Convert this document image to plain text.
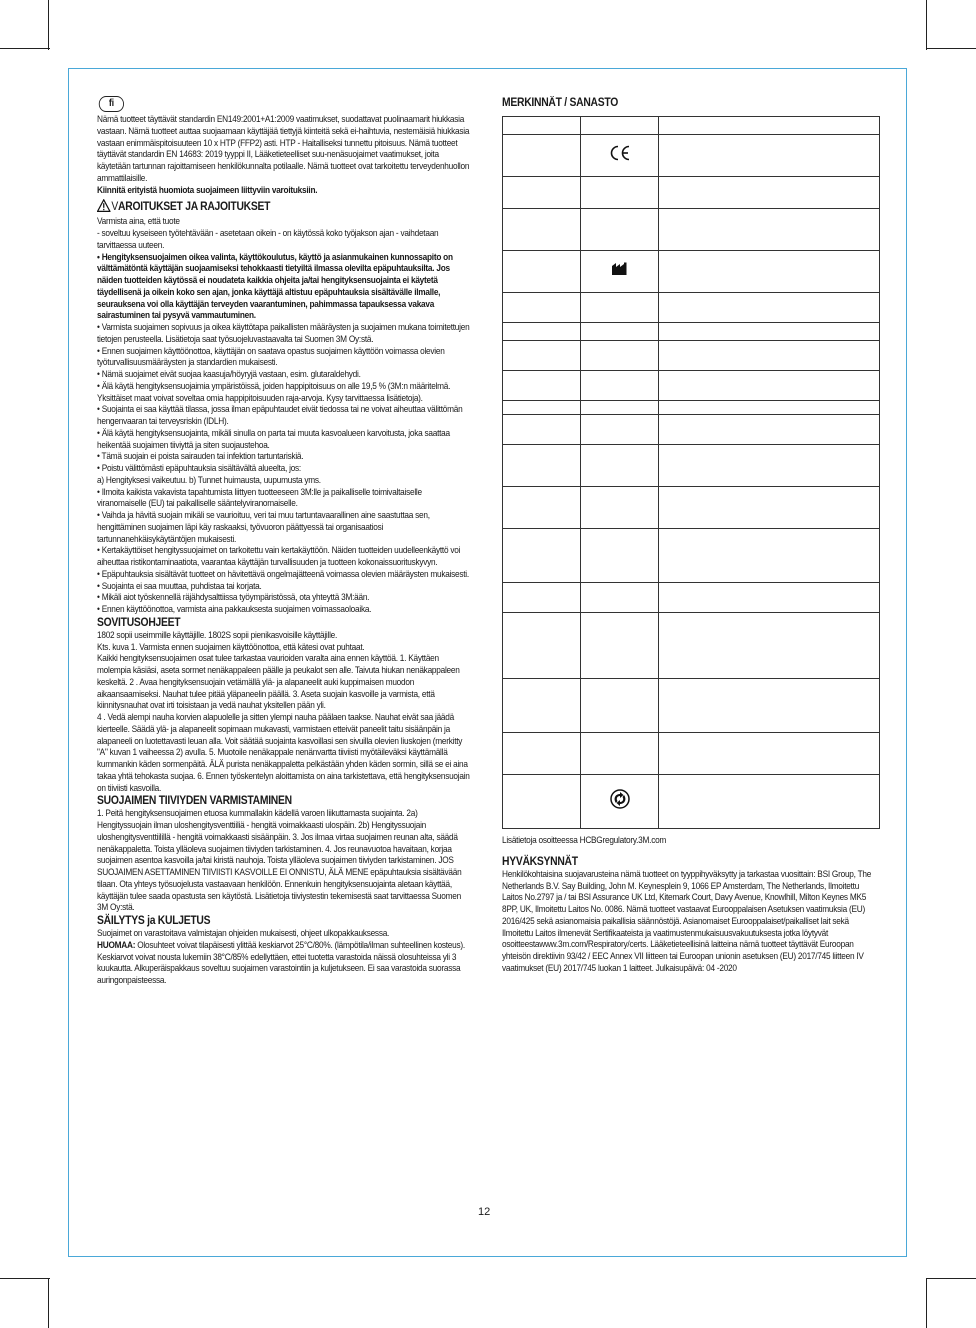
fi

Nämä tuotteet täyttävät standardin EN149:2001+A1:2009 vaatimukset, suodattavat puolinaamarit hiukkasia vastaan. Nämä tuotteet auttaa suojaamaan käyttäjää tiettyjä kiinteitä sekä ei-haihtuvia, nestemäisiä hiukkasia vastaan enimmäispitoisuuteen 10 x HTP (FFP2) asti. HTP - Haitalliseksi tunnettu pitoisuus. Nämä tuotteet täyttävät standardin EN 14683: 2019 tyyppi II, Lääketieteelliset suu-nenäsuojaimet vaatimukset, joita käytetään tartunnan rajoittamiseen henkilökunnalta potilaalle. Nämä tuotteet ovat tarkoitettu terveydenhuollon ammattilaisille.

Kiinnitä erityistä huomiota suojaimeen liittyviin varoituksiin.

VAROITUKSET JA RAJOITUKSET

Varmista aina, että tuote

- soveltuu kyseiseen työtehtävään - asetetaan oikein - on käytössä koko työjakson ajan - vaihdetaan tarvittaessa uuteen.

• Hengityksensuojaimen oikea valinta, käyttökoulutus, käyttö ja asianmukainen kunnossapito on välttämätöntä käyttäjän suojaamiseksi tehokkaasti tietyiltä ilmassa olevilta epäpuhtauksilta. Jos näiden tuotteiden käytössä ei noudateta kaikkia ohjeita ja/tai hengityksensuojainta ei käytetä täydellisenä ja oikein koko sen ajan, jonka käyttäjä altistuu epäpuhtauksia sisältävälle ilmalle, seurauksena voi olla käyttäjän terveyden vaarantuminen, pahimmassa tapauksessa vakava sairastuminen tai pysyvä vammautuminen.

• Varmista suojaimen sopivuus ja oikea käyttötapa paikallisten määräysten ja suojaimen mukana toimitettujen tietojen perusteella. Lisätietoja saat työsuojeluvastaavalta tai Suomen 3M Oy:stä.

• Ennen suojaimen käyttöönottoa, käyttäjän on saatava opastus suojaimen käyttöön voimassa olevien työturvallisuusmääräysten ja standardien mukaisesti.

• Nämä suojaimet eivät suojaa kaasuja/höyryjä vastaan, esim. glutaraldehydi.

• Älä käytä hengityksensuojaimia ympäristöissä, joiden happipitoisuus on alle 19,5 % (3M:n määritelmä. Yksittäiset maat voivat soveltaa omia happipitoisuuden raja-arvoja. Kysy tarvittaessa lisätietoja).

• Suojainta ei saa käyttää tilassa, jossa ilman epäpuhtaudet eivät tiedossa tai ne voivat aiheuttaa välittömän hengenvaaran tai terveysriskin (IDLH).

• Älä käytä hengityksensuojainta, mikäli sinulla on parta tai muuta kasvoalueen karvoitusta, joka saattaa heikentää suojaimen tiiviyttä ja siten suojaustehoa.

• Tämä suojain ei poista sairauden tai infektion tartuntariskiä.

• Poistu välittömästi epäpuhtauksia sisältävältä alueelta, jos:

a) Hengityksesi vaikeutuu. b) Tunnet huimausta, uupumusta yms.

• Ilmoita kaikista vakavista tapahtumista liittyen tuotteeseen 3M:lle ja paikalliselle toimivaltaiselle viranomaiselle (EU) tai paikalliselle sääntelyviranomaiselle.

• Vaihda ja hävitä suojain mikäli se vaurioituu, veri tai muu tartuntavaarallinen aine saastuttaa sen, hengittäminen suojaimen läpi käy raskaaksi, työvuoron päättyessä tai organisaatiosi tartunnanehkäisykäytäntöjen mukaisesti.

• Kertakäyttöiset hengityssuojaimet on tarkoitettu vain kertakäyttöön. Näiden tuotteiden uudelleenkäyttö voi aiheuttaa ristikontaminaatiota, vaarantaa käyttäjän turvallisuuden ja tuotteen kokonaissuorituskyvyn.

• Epäpuhtauksia sisältävät tuotteet on hävitettävä ongelmajätteenä voimassa olevien määräysten mukaisesti.

• Suojainta ei saa muuttaa, puhdistaa tai korjata.

• Mikäli aiot työskennellä räjähdysalttiissa työympäristössä, ota yhteyttä 3M:ään.

• Ennen käyttöönottoa, varmista aina pakkauksesta suojaimen voimassaoloaika.

SOVITUSOHJEET

1802 sopii useimmille käyttäjille. 1802S sopii pienikasvoisille käyttäjille.

Kts. kuva 1. Varmista ennen suojaimen käyttöönottoa, että kätesi ovat puhtaat.

Kaikki hengityksensuojaimen osat tulee tarkastaa vaurioiden varalta aina ennen käyttöä. 1. Käyttäen molempia käsiäsi, aseta sormet nenäkappaleen päälle ja peukalot sen alle. Taivuta hiukan nenäkappaleen keskeltä. 2 . Avaa hengityksensuojain vetämällä ylä- ja alapaneelit auki kuppimaisen muodon aikaansaamiseksi. Nauhat tulee pitää yläpaneelin päällä. 3. Aseta suojain kasvoille ja varmista, että kiinnitysnauhat ovat irti toisistaan ja vedä nauhat yksitellen pään yli.

4 . Vedä alempi nauha korvien alapuolelle ja sitten ylempi nauha päälaen taakse. Nauhat eivät saa jäädä kierteelle. Säädä ylä- ja alapaneelit sopimaan mukavasti, varmistaen etteivät paneelit taitu sisäänpäin ja alapaneeli on luotettavasti leuan alla. Voit säätää suojainta kasvoillasi sen sivuilla olevien liuskojen (merkitty "A" kuvan 1 vaiheessa 2) avulla. 5. Muotoile nenäkappale nenänvartta tiiviisti myötäileväksi käyttämällä kummankin käden sormenpäitä. ÄLÄ purista nenäkappaletta pelkästään yhden käden sormin, sillä se ei aina takaa yhtä tehokasta suojaa. 6. Ennen työskentelyn aloittamista on aina tarkistettava, että hengityksensuojain on tiiviisti kasvoilla.

SUOJAIMEN TIIVIYDEN VARMISTAMINEN

1. Peitä hengityksensuojaimen etuosa kummallakin kädellä varoen liikuttamasta suojainta. 2a) Hengityssuojain ilman uloshengitysventtiiliä - hengitä voimakkaasti ulospäin. 2b) Hengityssuojain uloshengitysventtiilillä - hengitä voimakkaasti sisäänpäin. 3. Jos ilmaa virtaa suojaimen reunan alta, säädä nenäkappaletta. Toista ylläoleva suojaimen tiiviyden tarkistaminen. 4. Jos reunavuotoa havaitaan, korjaa suojaimen asentoa kasvoilla ja/tai kiristä nauhoja. Toista ylläoleva suojaimen tiiviyden tarkistaminen. JOS SUOJAIMEN ASETTAMINEN TIIVIISTI KASVOILLE EI ONNISTU, ÄLÄ MENE epäpuhtauksia sisältävään tilaan. Ota yhteys työsuojelusta vastaavaan henkilöön. Ennenkuin hengityksensuojainta aletaan käyttää, käyttäjän tulee saada opastusta sen käytöstä. Lisätietoja tiiviystestin tekemisestä saat tarvittaessa Suomen 3M Oy:stä.

SÄILYTYS ja KULJETUS

Suojaimet on varastoitava valmistajan ohjeiden mukaisesti, ohjeet ulkopakkauksessa.

HUOMAA: Olosuhteet voivat tilapäisesti ylittää keskiarvot 25°C/80%. (lämpötila/ilman suhteellinen kosteus). Keskiarvot voivat nousta lukemiin 38°C/85% edellyttäen, ettei tuotetta varastoida näissä olosuhteissa yli 3 kuukautta. Alkuperäispakkaus soveltuu suojaimen varastointiin ja kuljetukseen. Ei saa varastoida suorassa auringonpaisteessa.

MERKINNÄT / SANASTO

Lisätietoja osoitteessa HCBGregulatory.3M.com

HYVÄKSYNNÄT

Henkilökohtaisina suojavarusteina nämä tuotteet on tyyppihyväksytty ja tarkastaa vuosittain: BSI Group, The Netherlands B.V. Say Building, John M. Keynesplein 9, 1066 EP Amsterdam, The Netherlands, Ilmoitettu Laitos No.2797 ja / tai BSI Assurance UK Ltd, Kitemark Court, Davy Avenue, Knowlhill, Milton Keynes MK5 8PP, UK, Ilmoitettu Laitos No. 0086. Nämä tuotteet vastaavat Eurooppalaisen Asetuksen vaatimuksia (EU) 2016/425 sekä asianomaisia paikallisia säännöstöjä. Asianomaiset Eurooppalaiset/paikalliset lait sekä Ilmoitettu Laitos ilmenevät Sertifikaateista ja vaatimustenmukaisuusvakuutuksesta jotka löytyvät osoitteestawww.3m.com/Respiratory/certs. Lääketieteellisinä laitteina nämä tuotteet täyttävät Euroopan yhteisön direktiivin 93/42 / EEC Annex VII liitteen tai Euroopan unionin asetuksen (EU) 2017/745 liitteen IV vaatimukset (EU) 2017/745 luokan 1 laitteet. Julkaisupäivä: 04 -2020

12
